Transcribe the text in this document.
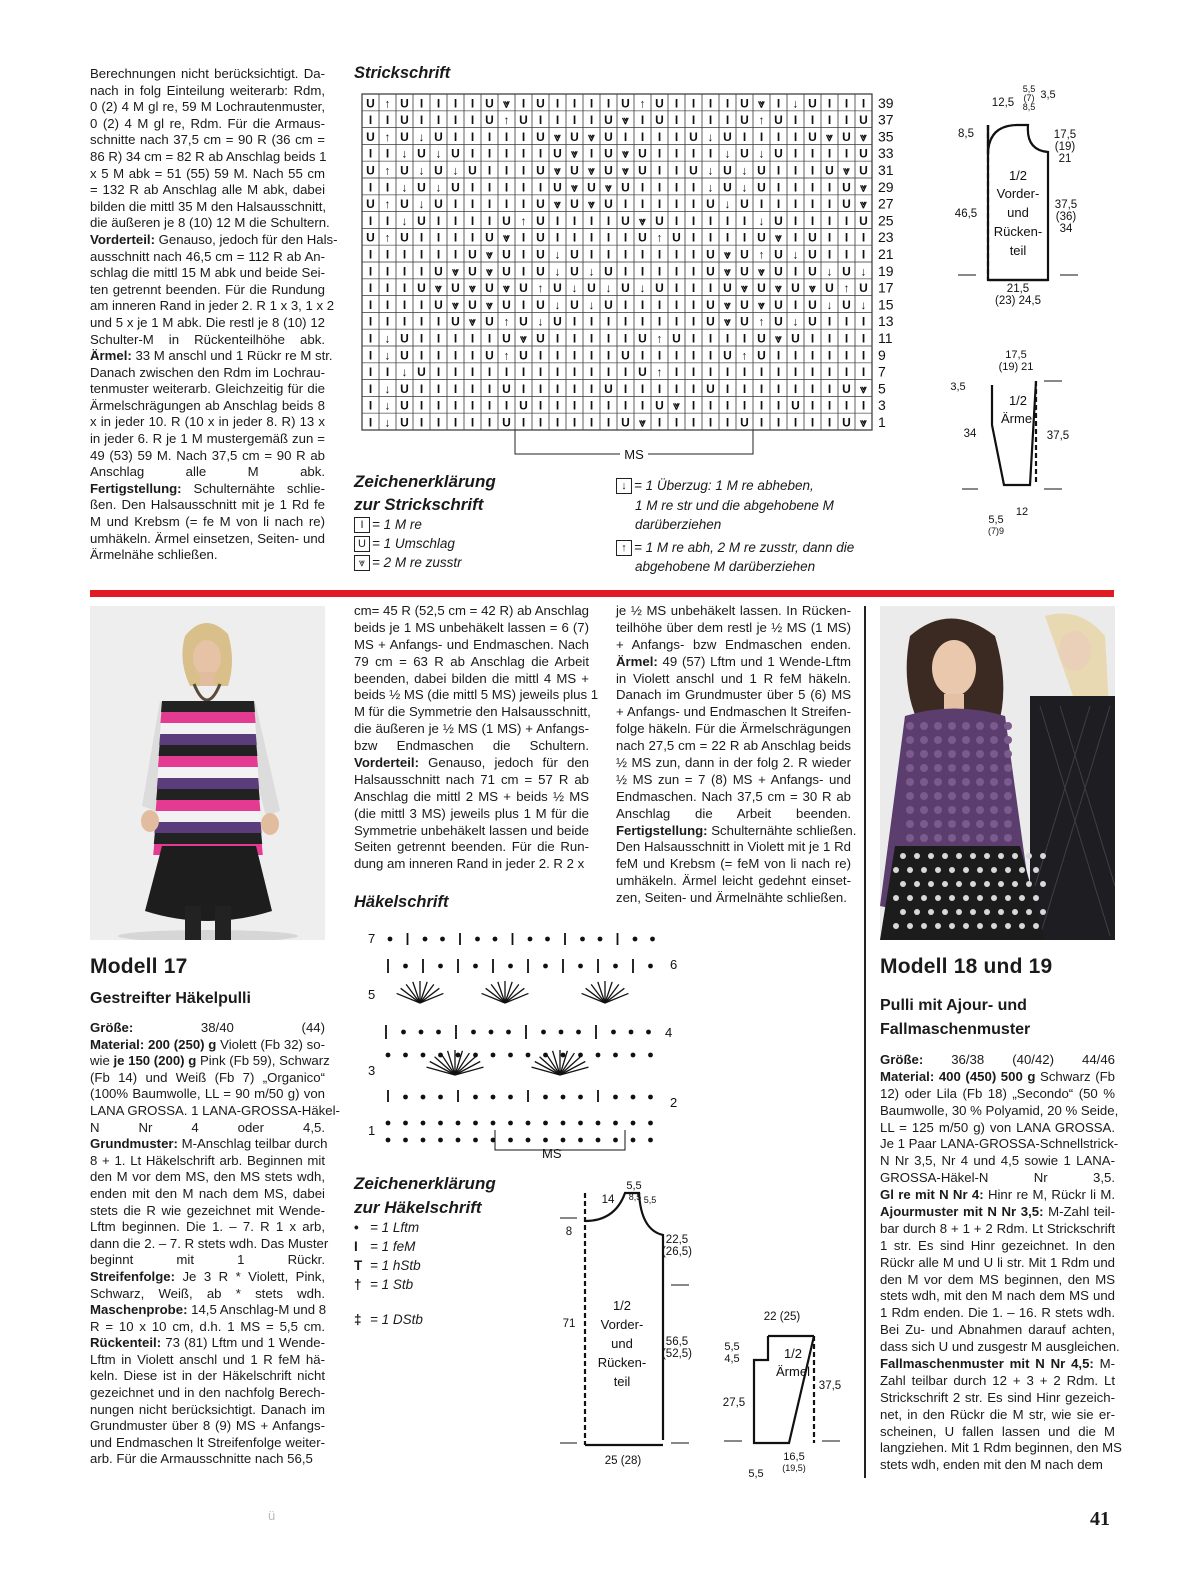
Berechnungen nicht berücksichtigt. Da-
nach in folg Einteilung weiterarb: Rdm,
0 (2) 4 M gl re, 59 M Lochrautenmuster,
0 (2) 4 M gl re, Rdm. Für die Armaus-
schnitte nach 37,5 cm = 90 R (36 cm =
86 R) 34 cm = 82 R ab Anschlag beids 1
x 5 M abk = 51 (55) 59 M. Nach 55 cm
= 132 R ab Anschlag alle M abk, dabei
bilden die mittl 35 M den Halsausschnitt,
die äußeren je 8 (10) 12 M die Schultern.
Vorderteil: Genauso, jedoch für den Hals-
ausschnitt nach 46,5 cm = 112 R ab An-
schlag die mittl 15 M abk und beide Sei-
ten getrennt beenden. Für die Rundung
am inneren Rand in jeder 2. R 1 x 3, 1 x 2
und 5 x je 1 M abk. Die restl je 8 (10) 12
Schulter-M in Rückenteilhöhe abk.
Ärmel: 33 M anschl und 1 Rückr re M str.
Danach zwischen den Rdm im Lochrau-
tenmuster weiterarb. Gleichzeitig für die
Ärmelschrägungen ab Anschlag beids 8
x in jeder 10. R (10 x in jeder 8. R) 13 x
in jeder 6. R je 1 M mustergemäß zun =
49 (53) 59 M. Nach 37,5 cm = 90 R ab
Anschlag alle M abk.
Fertigstellung: Schulternähte schlie-
ßen. Den Halsausschnitt mit je 1 Rd fe
M und Krebsm (= fe M von li nach re)
umhäkeln. Ärmel einsetzen, Seiten- und
Ärmelnähe schließen.
Strickschrift
U ↑ U I I I I U ⩔ I U I I I I U ↑ U I I I I U ⩔ I ↓ U I I I 39
I I U I I I I U ↑ U I I I I U ⩔ I U I I I I U ↑ U I I I I U 37
U ↑ U ↓ U I I I I I U ⩔ U ⩔ U I I I I U ↓ U I I I I U ⩔ U ⩔ 35
I I ↓ U ↓ U I I I I I U ⩔ I U ⩔ U I I I I ↓ U ↓ U I I I I U 33
U ↑ U ↓ U ↓ U I I I U ⩔ U ⩔ U ⩔ U I I U ↓ U ↓ U I I I U ⩔ U 31
I I ↓ U ↓ U I I I I I U ⩔ U ⩔ U I I I I ↓ U ↓ U I I I I U ⩔ 29
U ↑ U ↓ U I I I I I U ⩔ U ⩔ U I I I I I U ↓ U I I I I I U ⩔ 27
I I ↓ U I I I I U ↑ U I I I I U ⩔ U I I I I I ↓ U I I I I U 25
U ↑ U I I I I U ⩔ I U I I I I I U ↑ U I I I I U ⩔ I U I I I 23
I I I I I I U ⩔ U I U ↓ U I I I I I I I U ⩔ U ↑ U ↓ U I I I 21
I I I I U ⩔ U ⩔ U I U ↓ U ↓ U I I I I I U ⩔ U ⩔ U I U ↓ U ↓ 19
I I I U ⩔ U ⩔ U ⩔ U ↑ U ↓ U ↓ U ↓ U I I I U ⩔ U ⩔ U ⩔ U ↑ U 17
I I I I U ⩔ U ⩔ U I U ↓ U ↓ U I I I I I U ⩔ U ⩔ U I U ↓ U ↓ 15
I I I I I U ⩔ U ↑ U ↓ U I I I I I I I I U ⩔ U ↑ U ↓ U I I I 13
I ↓ U I I I I I U ⩔ U I I I I I U ↑ U I I I I U ⩔ U I I I I 11
I ↓ U I I I I U ↑ U I I I I I U I I I I I U ↑ U I I I I I I 9
I I ↓ U I I I I I I I I I I I I U ↑ I I I I I I I I I I I I 7
I ↓ U I I I I I U I I I I I U I I I I I U I I I I I I I U ⩔ 5
I ↓ U I I I I I I U I I I I I I I U ⩔ I I I I I I U I I I I 3
I ↓ U I I I I I U I I I I I I U ⩔ I I I I I U I I I I I U ⩔ 1
MS
Zeichenerklärung
zur Strickschrift
I = 1 M re
U = 1 Umschlag
⩔ = 2 M re zusstr
↓ = 1 Überzug: 1 M re abheben,
1 M re str und die abgehobene M
darüberziehen
↑ = 1 M re abh, 2 M re zusstr, dann die
abgehobene M darüberziehen
5,5
(7)
8,5
3,5
12,5
8,5	17,5
(19)
21
1/2
Vorder-
und
Rücken-
teil
46,5
37,5
(36)
34
21,5
(23) 24,5
17,5
(19) 21
3,5
1/2
Ärmel
34	37,5
5,5
(7)9
12
Modell 17
Gestreifter Häkelpulli
Größe: 38/40 (44)
Material: 200 (250) g Violett (Fb 32) so-
wie je 150 (200) g Pink (Fb 59), Schwarz
(Fb 14) und Weiß (Fb 7) „Organico“
(100% Baumwolle, LL = 90 m/50 g) von
LANA GROSSA. 1 LANA-GROSSA-Häkel-
N Nr 4 oder 4,5.
Grundmuster: M-Anschlag teilbar durch
8 + 1. Lt Häkelschrift arb. Beginnen mit
den M vor dem MS, den MS stets wdh,
enden mit den M nach dem MS, dabei
stets die R wie gezeichnet mit Wende-
Lftm beginnen. Die 1. – 7. R 1 x arb,
dann die 2. – 7. R stets wdh. Das Muster
beginnt mit 1 Rückr.
Streifenfolge: Je 3 R * Violett, Pink,
Schwarz, Weiß, ab * stets wdh.
Maschenprobe: 14,5 Anschlag-M und 8
R = 10 x 10 cm, d.h. 1 MS = 5,5 cm.
Rückenteil: 73 (81) Lftm und 1 Wende-
Lftm in Violett anschl und 1 R feM hä-
keln. Diese ist in der Häkelschrift nicht
gezeichnet und in den nachfolg Berech-
nungen nicht berücksichtigt. Danach im
Grundmuster über 8 (9) MS + Anfangs-
und Endmaschen lt Streifenfolge weiter-
arb. Für die Armausschnitte nach 56,5
cm= 45 R (52,5 cm = 42 R) ab Anschlag
beids je 1 MS unbehäkelt lassen = 6 (7)
MS + Anfangs- und Endmaschen. Nach
79 cm = 63 R ab Anschlag die Arbeit
beenden, dabei bilden die mittl 4 MS +
beids ½ MS (die mittl 5 MS) jeweils plus 1
M für die Symmetrie den Halsausschnitt,
die äußeren je ½ MS (1 MS) + Anfangs-
bzw Endmaschen die Schultern.
Vorderteil: Genauso, jedoch für den
Halsausschnitt nach 71 cm = 57 R ab
Anschlag die mittl 2 MS + beids ½ MS
(die mittl 3 MS) jeweils plus 1 M für die
Symmetrie unbehäkelt lassen und beide
Seiten getrennt beenden. Für die Run-
dung am inneren Rand in jeder 2. R 2 x
je ½ MS unbehäkelt lassen. In Rücken-
teilhöhe über dem restl je ½ MS (1 MS)
+ Anfangs- bzw Endmaschen enden.
Ärmel: 49 (57) Lftm und 1 Wende-Lftm
in Violett anschl und 1 R feM häkeln.
Danach im Grundmuster über 5 (6) MS
+ Anfangs- und Endmaschen lt Streifen-
folge häkeln. Für die Ärmelschrägungen
nach 27,5 cm = 22 R ab Anschlag beids
½ MS zun, dann in der folg 2. R wieder
½ MS zun = 7 (8) MS + Anfangs- und
Endmaschen. Nach 37,5 cm = 30 R ab
Anschlag die Arbeit beenden.
Fertigstellung: Schulternähte schließen.
Den Halsausschnitt in Violett mit je 1 Rd
feM und Krebsm (= feM von li nach re)
umhäkeln. Ärmel leicht gedehnt einset-
zen, Seiten- und Ärmelnähte schließen.
Häkelschrift
7
5
3
1
6
4
2
MS
Zeichenerklärung
zur Häkelschrift
• = 1 Lftm
I = 1 feM
T = 1 hStb
† = 1 Stb
‡ = 1 DStb
5,5
14 8,5 5,5
8
22,5
(26,5)
1/2
Vorder-
und
Rücken-
teil
71
56,5
(52,5)
25 (28)
22 (25)
5,5
4,5	1/2
Ärmel
37,5
27,5
16,5
(19,5)
5,5
Modell 18 und 19
Pulli mit Ajour- und
Fallmaschenmuster
Größe: 36/38 (40/42) 44/46
Material: 400 (450) 500 g Schwarz (Fb
12) oder Lila (Fb 18) „Secondo“ (50 %
Baumwolle, 30 % Polyamid, 20 % Seide,
LL = 125 m/50 g) von LANA GROSSA.
Je 1 Paar LANA-GROSSA-Schnellstrick-
N Nr 3,5, Nr 4 und 4,5 sowie 1 LANA-
GROSSA-Häkel-N Nr 3,5.
Gl re mit N Nr 4: Hinr re M, Rückr li M.
Ajourmuster mit N Nr 3,5: M-Zahl teil-
bar durch 8 + 1 + 2 Rdm. Lt Strickschrift
1 str. Es sind Hinr gezeichnet. In den
Rückr alle M und U li str. Mit 1 Rdm und
den M vor dem MS beginnen, den MS
stets wdh, mit den M nach dem MS und
1 Rdm enden. Die 1. – 16. R stets wdh.
Bei Zu- und Abnahmen darauf achten,
dass sich U und zusgestr M ausgleichen.
Fallmaschenmuster mit N Nr 4,5: M-
Zahl teilbar durch 12 + 3 + 2 Rdm. Lt
Strickschrift 2 str. Es sind Hinr gezeich-
net, in den Rückr die M str, wie sie er-
scheinen, U fallen lassen und die M
langziehen. Mit 1 Rdm beginnen, den MS
stets wdh, enden mit den M nach dem
ü	41
